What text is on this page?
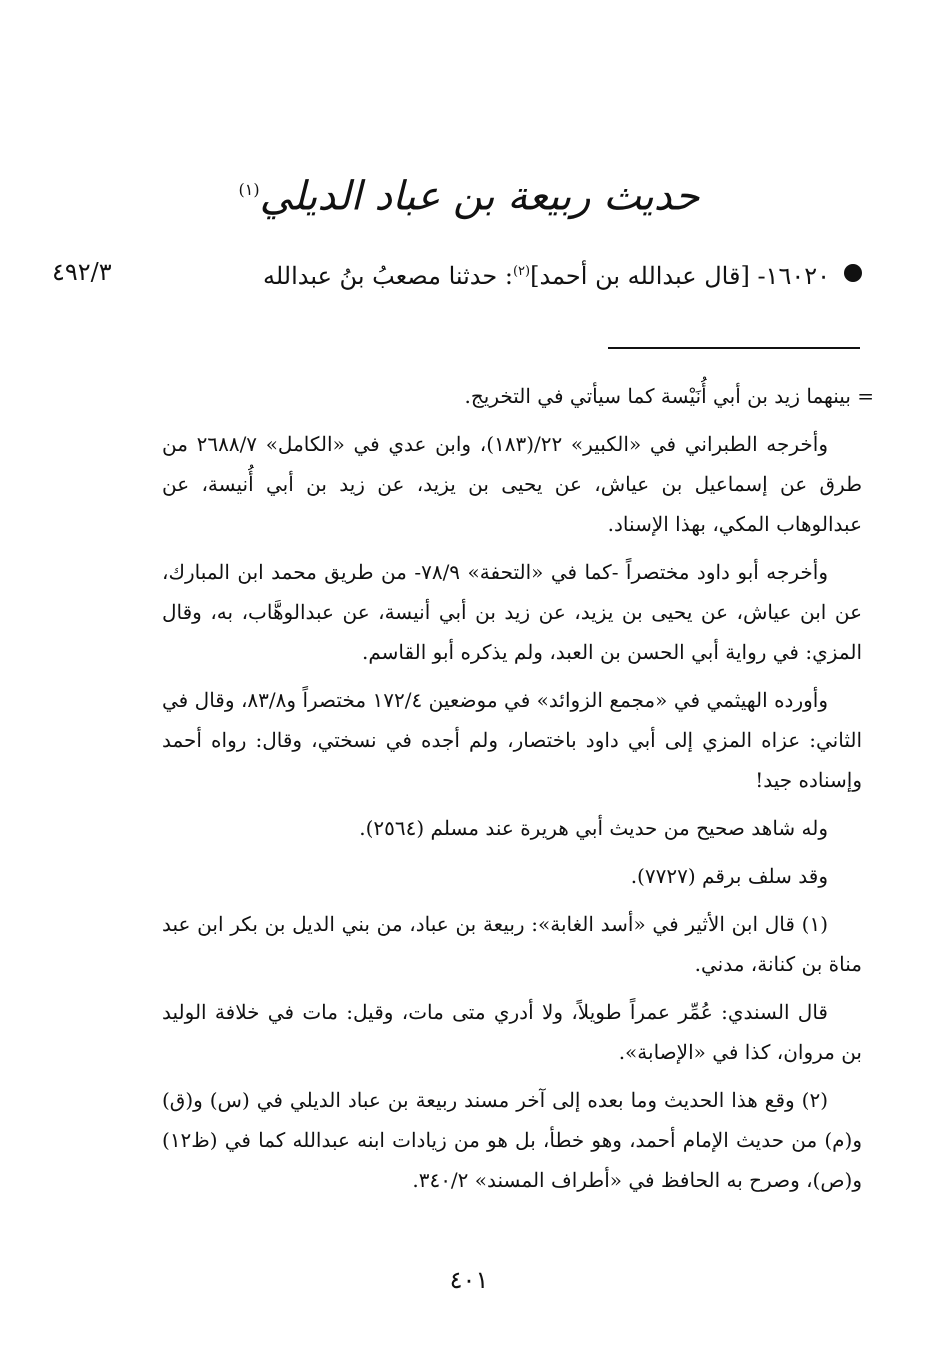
حديث ربيعة بن عباد الديلي$^{(١)}$
١٦٠٢٠- [قال عبدالله بن أحمد]$^{(٢)}$: حدثنا مصعبُ بنُ عبدالله
٤٩٢/٣

= بينهما زيد بن أبي أُنَيْسة كما سيأتي في التخريج.

وأخرجه الطبراني في «الكبير» ٢٢/(١٨٣)، وابن عدي في «الكامل» ٢٦٨٨/٧ من طرق عن إسماعيل بن عياش، عن يحيى بن يزيد، عن زيد بن أبي أُنيسة، عن عبدالوهاب المكي، بهذا الإسناد.

وأخرجه أبو داود مختصراً -كما في «التحفة» ٧٨/٩- من طريق محمد ابن المبارك، عن ابن عياش، عن يحيى بن يزيد، عن زيد بن أبي أنيسة، عن عبدالوهَّاب، به، وقال المزي: في رواية أبي الحسن بن العبد، ولم يذكره أبو القاسم.

وأورده الهيثمي في «مجمع الزوائد» في موضعين ١٧٢/٤ مختصراً و٨٣/٨، وقال في الثاني: عزاه المزي إلى أبي داود باختصار، ولم أجده في نسختي، وقال: رواه أحمد وإسناده جيد!

وله شاهد صحيح من حديث أبي هريرة عند مسلم (٢٥٦٤).

وقد سلف برقم (٧٧٢٧).

(١) قال ابن الأثير في «أسد الغابة»: ربيعة بن عباد، من بني الديل بن بكر ابن عبد مناة بن كنانة، مدني.

قال السندي: عُمِّر عمراً طويلاً، ولا أدري متى مات، وقيل: مات في خلافة الوليد بن مروان، كذا في «الإصابة».

(٢) وقع هذا الحديث وما بعده إلى آخر مسند ربيعة بن عباد الديلي في (س) و(ق) و(م) من حديث الإمام أحمد، وهو خطأ، بل هو من زيادات ابنه عبدالله كما في (ظ١٢) و(ص)، وصرح به الحافظ في «أطراف المسند» ٣٤٠/٢.

٤٠١
